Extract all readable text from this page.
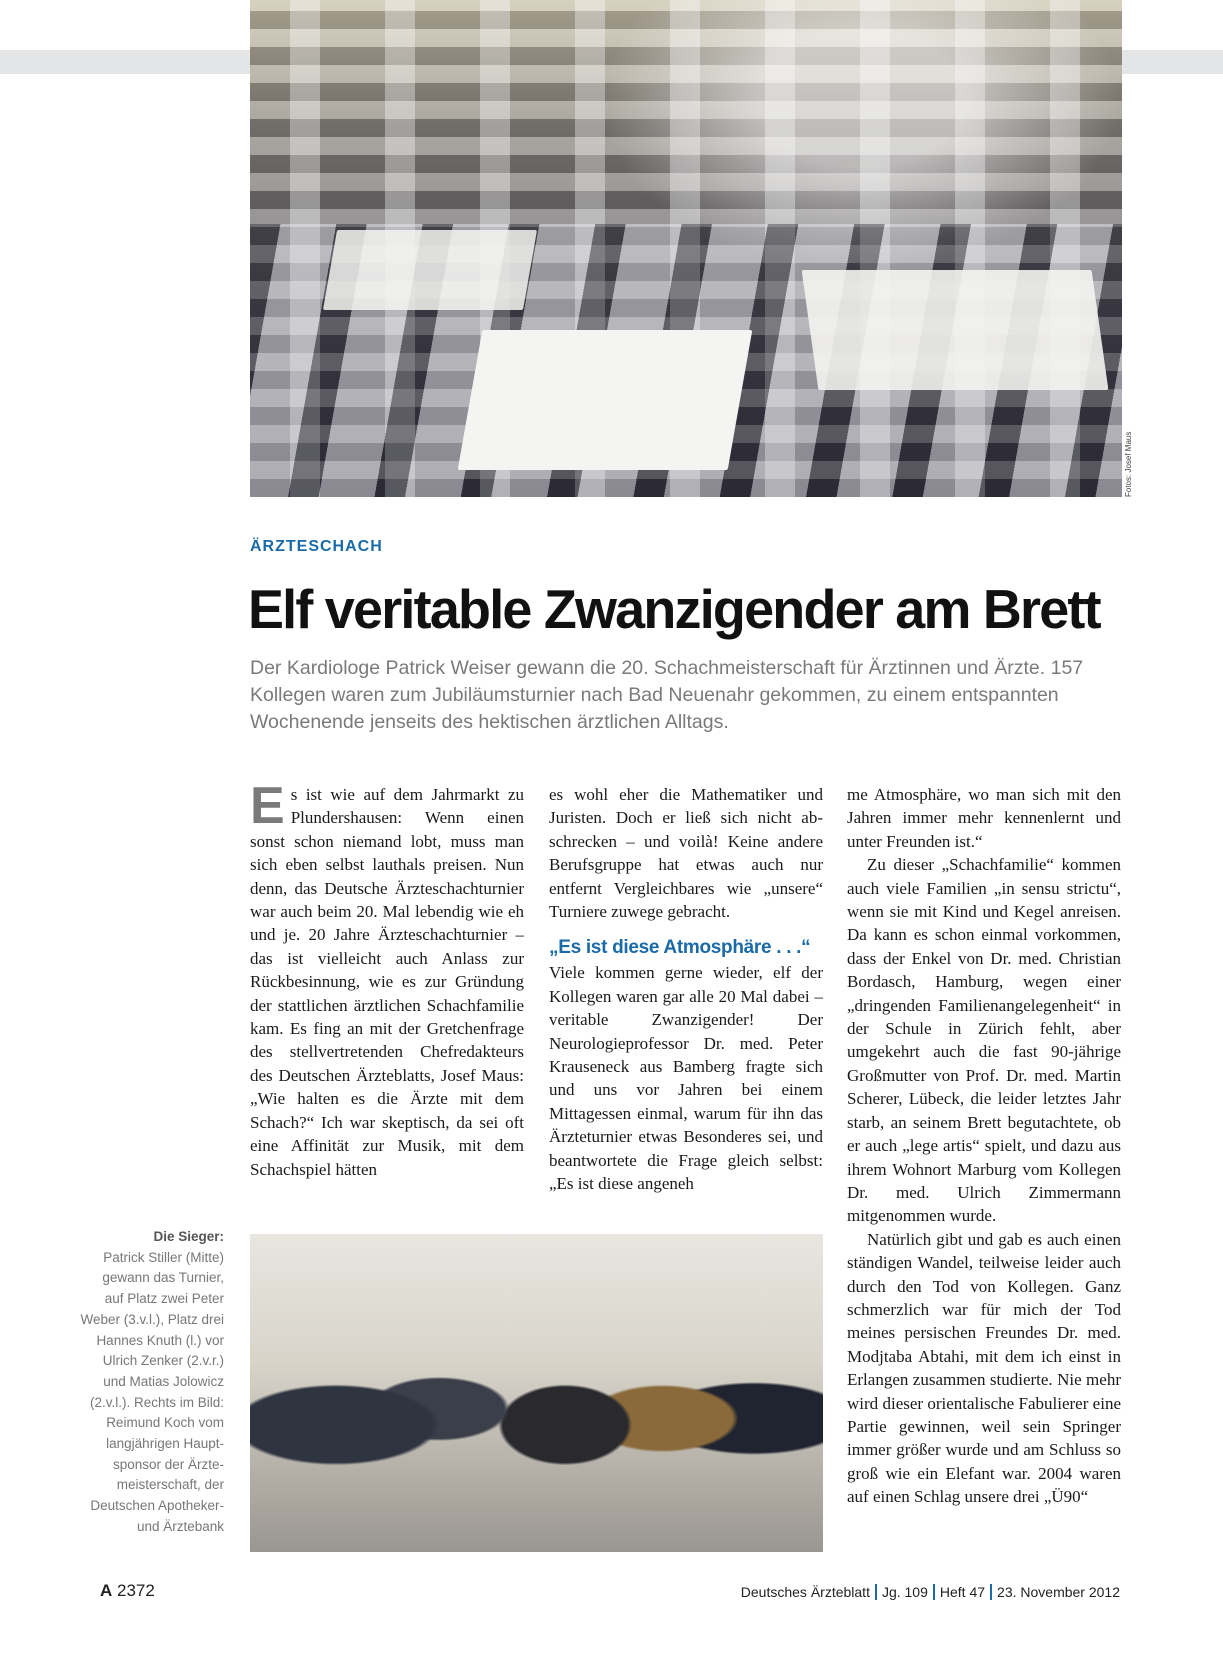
Fotos: Josef Maus
ÄRZTESCHACH
Elf veritable Zwanzigender am Brett
Der Kardiologe Patrick Weiser gewann die 20. Schachmeisterschaft für Ärztinnen und Ärzte. 157 Kollegen waren zum Jubiläumsturnier nach Bad Neuenahr gekommen, zu einem entspannten Wochenende jenseits des hektischen ärztlichen Alltags.

Es ist wie auf dem Jahrmarkt zu Plundershausen: Wenn einen sonst schon niemand lobt, muss man sich eben selbst lauthals preisen. Nun denn, das Deutsche Ärzteschachturnier war auch beim 20. Mal lebendig wie eh und je. 20 Jahre Ärzteschachturnier – das ist vielleicht auch Anlass zur Rückbesinnung, wie es zur Gründung der stattlichen ärztlichen Schachfamilie kam. Es fing an mit der Gretchenfrage des stellvertretenden Chefredakteurs des Deutschen Ärzteblatts, Josef Maus: „Wie halten es die Ärzte mit dem Schach?“ Ich war skeptisch, da sei oft eine Affinität zur Musik, mit dem Schachspiel hätten

es wohl eher die Mathematiker und Juristen. Doch er ließ sich nicht abschrecken – und voilà! Keine andere Berufsgruppe hat etwas auch nur entfernt Vergleichbares wie „unsere“ Turniere zuwege gebracht.

„Es ist diese Atmosphäre . . .“

Viele kommen gerne wieder, elf der Kollegen waren gar alle 20 Mal dabei – veritable Zwanzigender! Der Neurologieprofessor Dr. med. Peter Krauseneck aus Bamberg fragte sich und uns vor Jahren bei einem Mittagessen einmal, warum für ihn das Ärzteturnier etwas Besonderes sei, und beantwortete die Frage gleich selbst: „Es ist diese angeneh

me Atmosphäre, wo man sich mit den Jahren immer mehr kennenlernt und unter Freunden ist.“

Zu dieser „Schachfamilie“ kommen auch viele Familien „in sensu strictu“, wenn sie mit Kind und Kegel anreisen. Da kann es schon einmal vorkommen, dass der Enkel von Dr. med. Christian Bordasch, Hamburg, wegen einer „dringenden Familienangelegenheit“ in der Schule in Zürich fehlt, aber umgekehrt auch die fast 90-jährige Großmutter von Prof. Dr. med. Martin Scherer, Lübeck, die leider letztes Jahr starb, an seinem Brett begutachtete, ob er auch „lege artis“ spielt, und dazu aus ihrem Wohnort Marburg vom Kollegen Dr. med. Ulrich Zimmermann mitgenommen wurde.

Natürlich gibt und gab es auch einen ständigen Wandel, teilweise leider auch durch den Tod von Kollegen. Ganz schmerzlich war für mich der Tod meines persischen Freundes Dr. med. Modjtaba Abtahi, mit dem ich einst in Erlangen zusammen studierte. Nie mehr wird dieser orientalische Fabulierer eine Partie gewinnen, weil sein Springer immer größer wurde und am Schluss so groß wie ein Elefant war. 2004 waren auf einen Schlag unsere drei „Ü90“

Die Sieger:
Patrick Stiller (Mitte) gewann das Turnier, auf Platz zwei Peter Weber (3.v.l.), Platz drei Hannes Knuth (l.) vor Ulrich Zenker (2.v.r.) und Matias Jolowicz (2.v.l.). Rechts im Bild: Reimund Koch vom langjährigen Hauptsponsor der Ärztemeisterschaft, der Deutschen Apotheker- und Ärztebank
A 2372	Deutsches Ärzteblatt Jg. 109 Heft 47 23. November 2012
